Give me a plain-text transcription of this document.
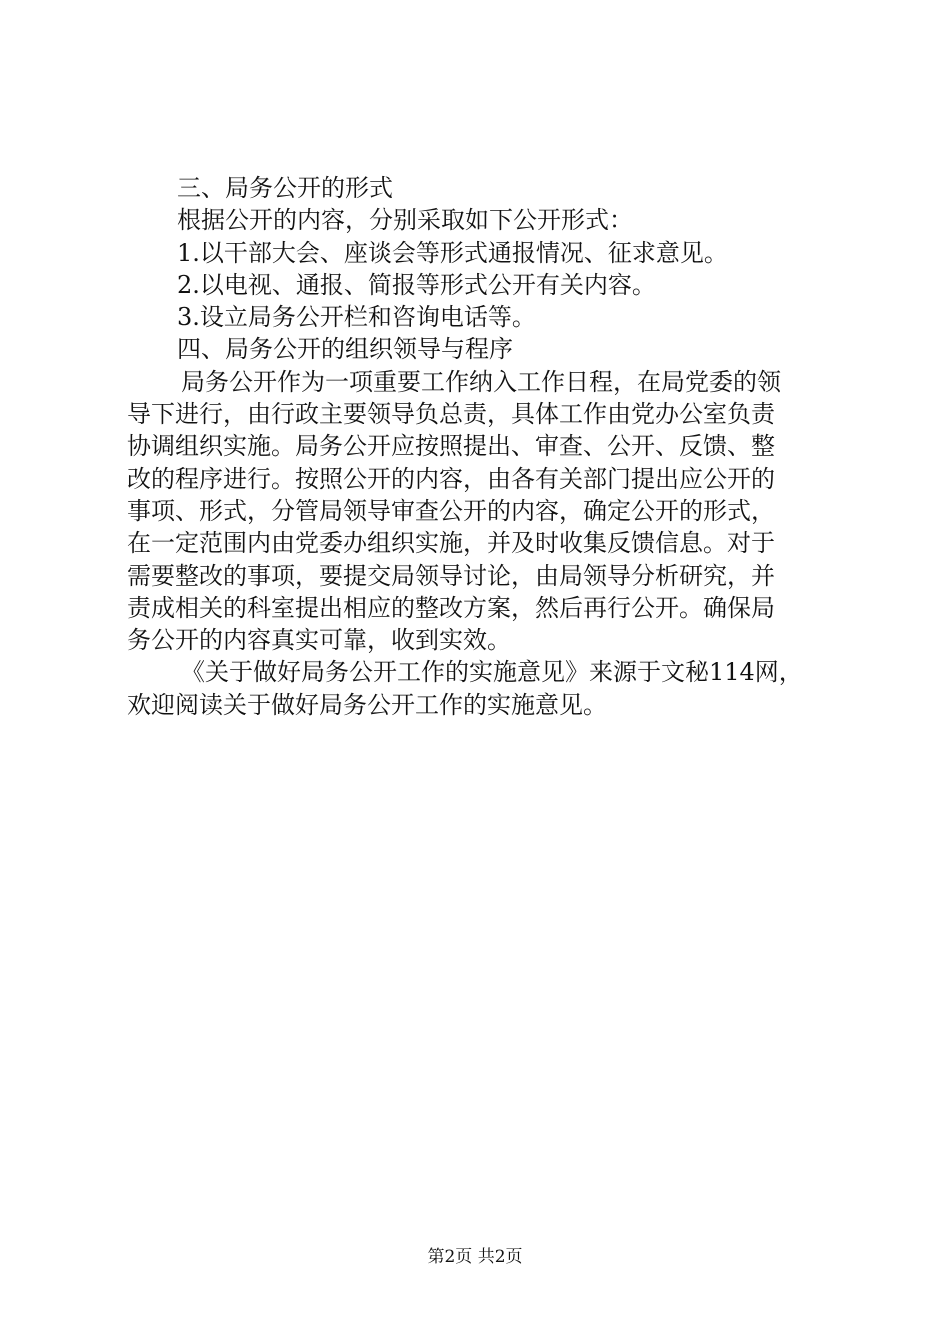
三、局务公开的形式
根据公开的内容，分别采取如下公开形式：
1.以干部大会、座谈会等形式通报情况、征求意见。
2.以电视、通报、简报等形式公开有关内容。
3.设立局务公开栏和咨询电话等。
四、局务公开的组织领导与程序
局务公开作为一项重要工作纳入工作日程，在局党委的领
导下进行，由行政主要领导负总责，具体工作由党办公室负责
协调组织实施。局务公开应按照提出、审查、公开、反馈、整
改的程序进行。按照公开的内容，由各有关部门提出应公开的
事项、形式，分管局领导审查公开的内容，确定公开的形式，
在一定范围内由党委办组织实施，并及时收集反馈信息。对于
需要整改的事项，要提交局领导讨论，由局领导分析研究，并
责成相关的科室提出相应的整改方案，然后再行公开。确保局
务公开的内容真实可靠，收到实效。
《关于做好局务公开工作的实施意见》来源于文秘114网，
欢迎阅读关于做好局务公开工作的实施意见。
第2页 共2页
